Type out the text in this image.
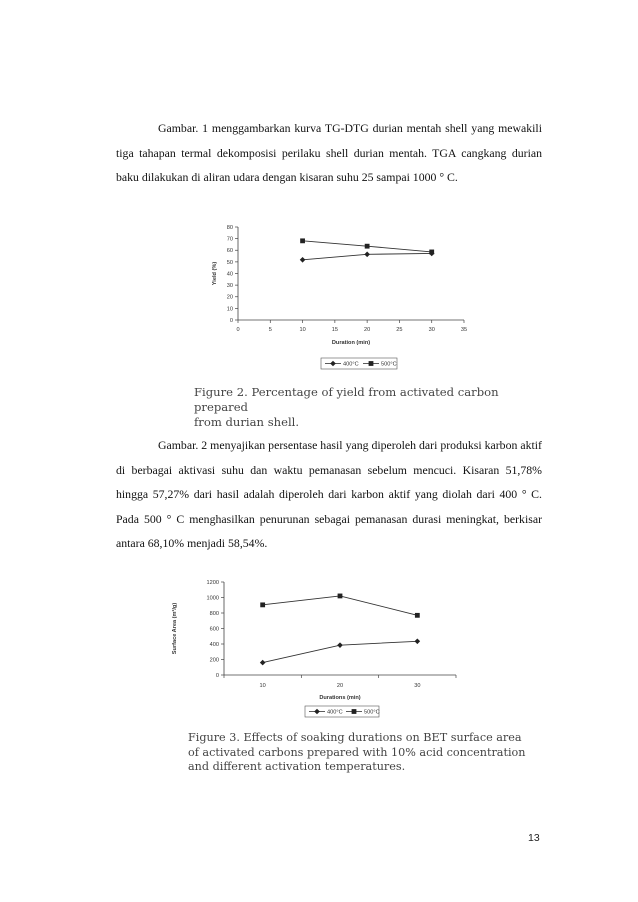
Gambar. 1 menggambarkan kurva TG-DTG durian mentah shell yang mewakili tiga tahapan termal dekomposisi perilaku shell durian mentah. TGA cangkang durian baku dilakukan di aliran udara dengan kisaran suhu 25 sampai 1000 ° C.
0
10
20
30
40
50
60
70
80
0	5	10	15	20	25	30	35
Duration (min)
Yield (%)
400°C	500°C
Figure 2. Percentage of yield from activated carbon prepared
from durian shell.
Gambar. 2 menyajikan persentase hasil yang diperoleh dari produksi karbon aktif di berbagai aktivasi suhu dan waktu pemanasan sebelum mencuci. Kisaran 51,78% hingga 57,27% dari hasil adalah diperoleh dari karbon aktif yang diolah dari 400 ° C. Pada 500 ° C menghasilkan penurunan sebagai pemanasan durasi meningkat, berkisar antara 68,10% menjadi 58,54%.
0
200
400
600
800
1000
1200
10	20	30
Durations (min)
Surface Area (m²/g)
400°C	500°C
Figure 3. Effects of soaking durations on BET surface area
of activated carbons prepared with 10% acid concentration
and different activation temperatures.
13
